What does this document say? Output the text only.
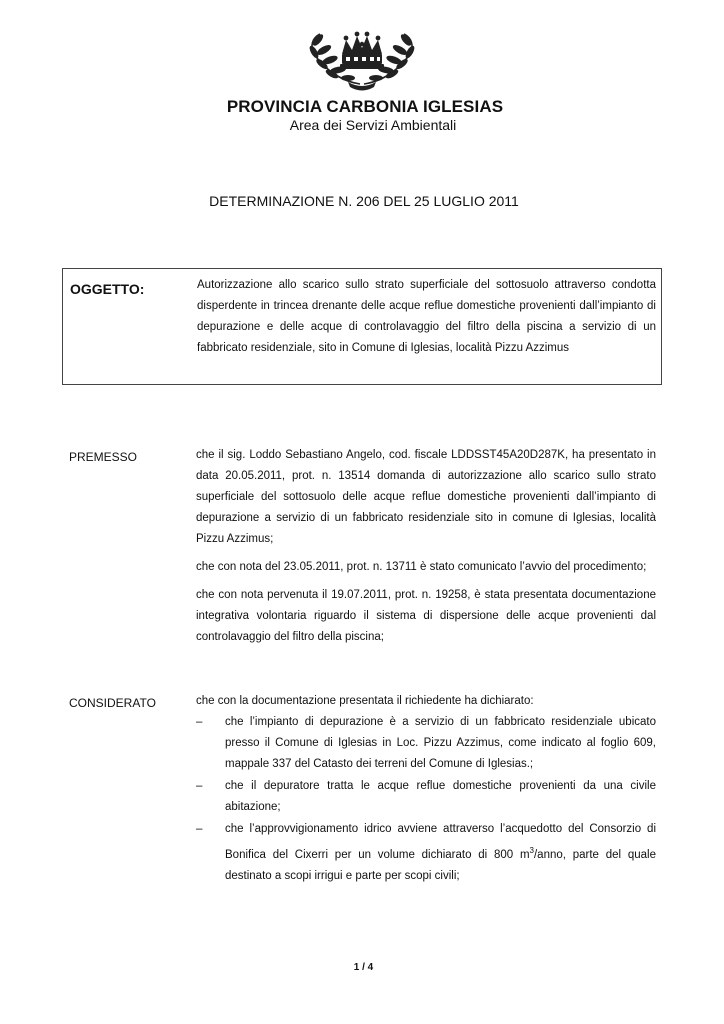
PROVINCIA CARBONIA IGLESIAS
Area dei Servizi Ambientali
DETERMINAZIONE N. 206 DEL 25 LUGLIO 2011
OGGETTO:	Autorizzazione allo scarico sullo strato superficiale del sottosuolo attraverso condotta disperdente in trincea drenante delle acque reflue domestiche provenienti dall’impianto di depurazione e delle acque di controlavaggio del filtro della piscina a servizio di un fabbricato residenziale, sito in Comune di Iglesias, località Pizzu Azzimus
PREMESSO	che il sig. Loddo Sebastiano Angelo, cod. fiscale LDDSST45A20D287K, ha presentato in data 20.05.2011, prot. n. 13514 domanda di autorizzazione allo scarico sullo strato superficiale del sottosuolo delle acque reflue domestiche provenienti dall’impianto di depurazione a servizio di un fabbricato residenziale sito in comune di Iglesias, località Pizzu Azzimus;

che con nota del 23.05.2011, prot. n. 13711 è stato comunicato l’avvio del procedimento;

che con nota pervenuta il 19.07.2011, prot. n. 19258, è stata presentata documentazione integrativa volontaria riguardo il sistema di dispersione delle acque provenienti dal controlavaggio del filtro della piscina;

CONSIDERATO	che con la documentazione presentata il richiedente ha dichiarato:

–	che l’impianto di depurazione è a servizio di un fabbricato residenziale ubicato presso il Comune di Iglesias in Loc. Pizzu Azzimus, come indicato al foglio 609, mappale 337 del Catasto dei terreni del Comune di Iglesias.;
–	che il depuratore tratta le acque reflue domestiche provenienti da una civile abitazione;
–	che l’approvvigionamento idrico avviene attraverso l’acquedotto del Consorzio di Bonifica del Cixerri per un volume dichiarato di 800 $m^3$/anno, parte del quale destinato a scopi irrigui e parte per scopi civili;
1 / 4
